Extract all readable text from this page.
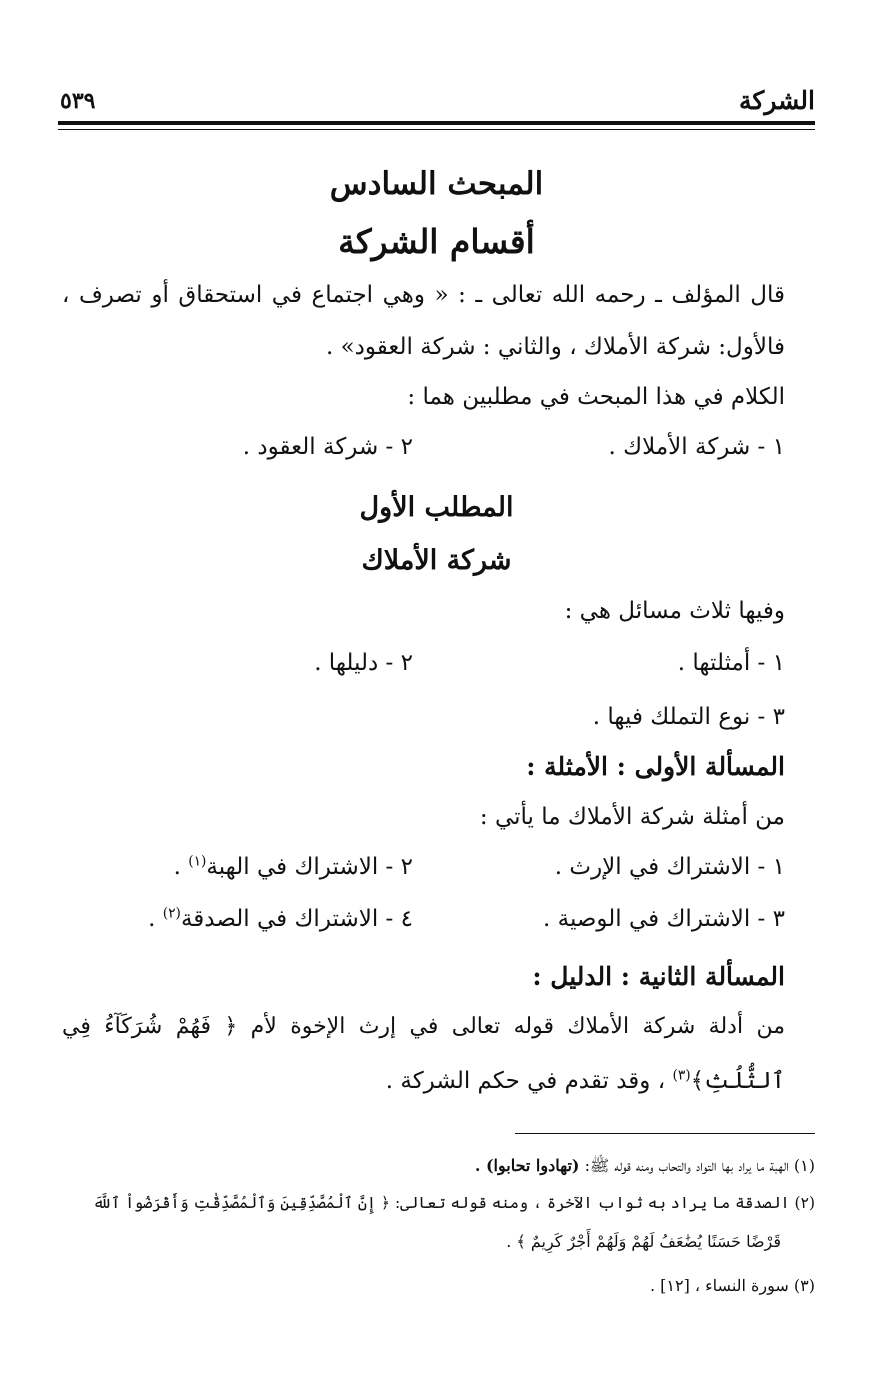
الشركة
٥٣٩
المبحث السادس
أقسام الشركة
قال المؤلف ـ رحمه الله تعالى ـ : « وهي اجتماع في استحقاق أو تصرف ،
فالأول: شركة الأملاك ، والثاني : شركة العقود» .
الكلام في هذا المبحث في مطلبين هما :
١ - شركة الأملاك .
٢ - شركة العقود .
المطلب الأول
شركة الأملاك
وفيها ثلاث مسائل هي :
١ - أمثلتها .
٢ - دليلها .
٣ - نوع التملك فيها .
المسألة الأولى : الأمثلة :
من أمثلة شركة الأملاك ما يأتي :
١ - الاشتراك في الإرث .
٢ - الاشتراك في الهبة$^{(١)}$ .
٣ - الاشتراك في الوصية .
٤ - الاشتراك في الصدقة$^{(٢)}$ .
المسألة الثانية : الدليل :
من أدلة شركة الأملاك قوله تعالى في إرث الإخوة لأم ﴿ فَهُمْ شُرَكَآءُ فِي
ٱلثُّلُثِ﴾$^{(٣)}$ ، وقد تقدم في حكم الشركة .
(١) الهبة ما يراد بها التواد والتحاب ومنه قوله ﷺ: (تهادوا تحابوا) .
(٢) الصدقة ما يراد به ثواب الآخرة ، ومنه قوله تعالى: ﴿ إِنَّ ٱلْمُصَّدِّقِينَ وَٱلْمُصَّدِّقَٰتِ وَأَقْرَضُواْ ٱللَّهَ
قَرْضًا حَسَنًا يُضَٰعَفُ لَهُمْ وَلَهُمْ أَجْرٌ كَرِيمٌ ﴾ .
(٣) سورة النساء ، [١٢] .
